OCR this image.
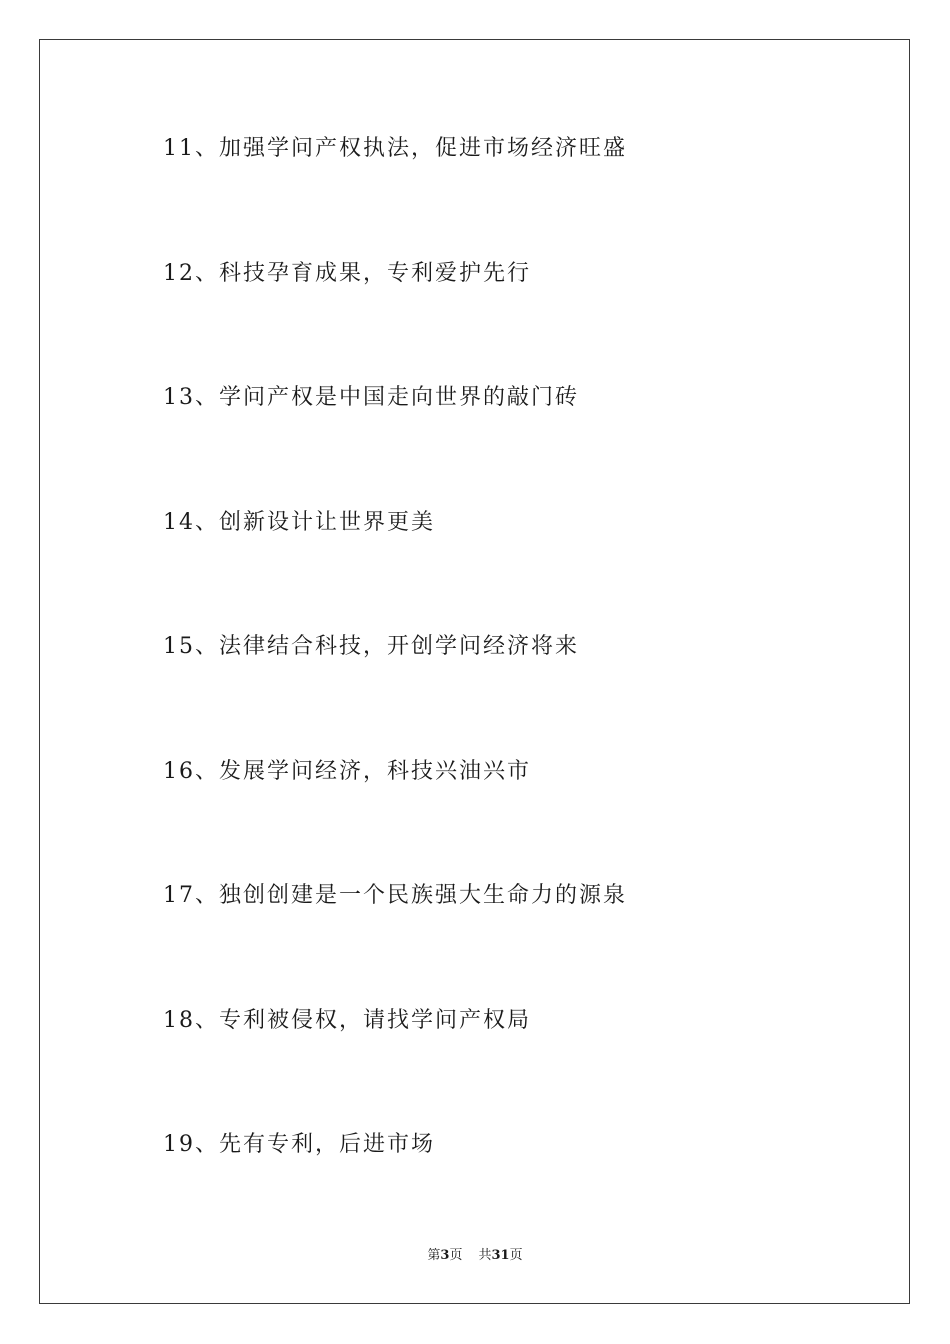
11、加强学问产权执法，促进市场经济旺盛
12、科技孕育成果，专利爱护先行
13、学问产权是中国走向世界的敲门砖
14、创新设计让世界更美
15、法律结合科技，开创学问经济将来
16、发展学问经济，科技兴油兴市
17、独创创建是一个民族强大生命力的源泉
18、专利被侵权，请找学问产权局
19、先有专利，后进市场
第3页 共31页
